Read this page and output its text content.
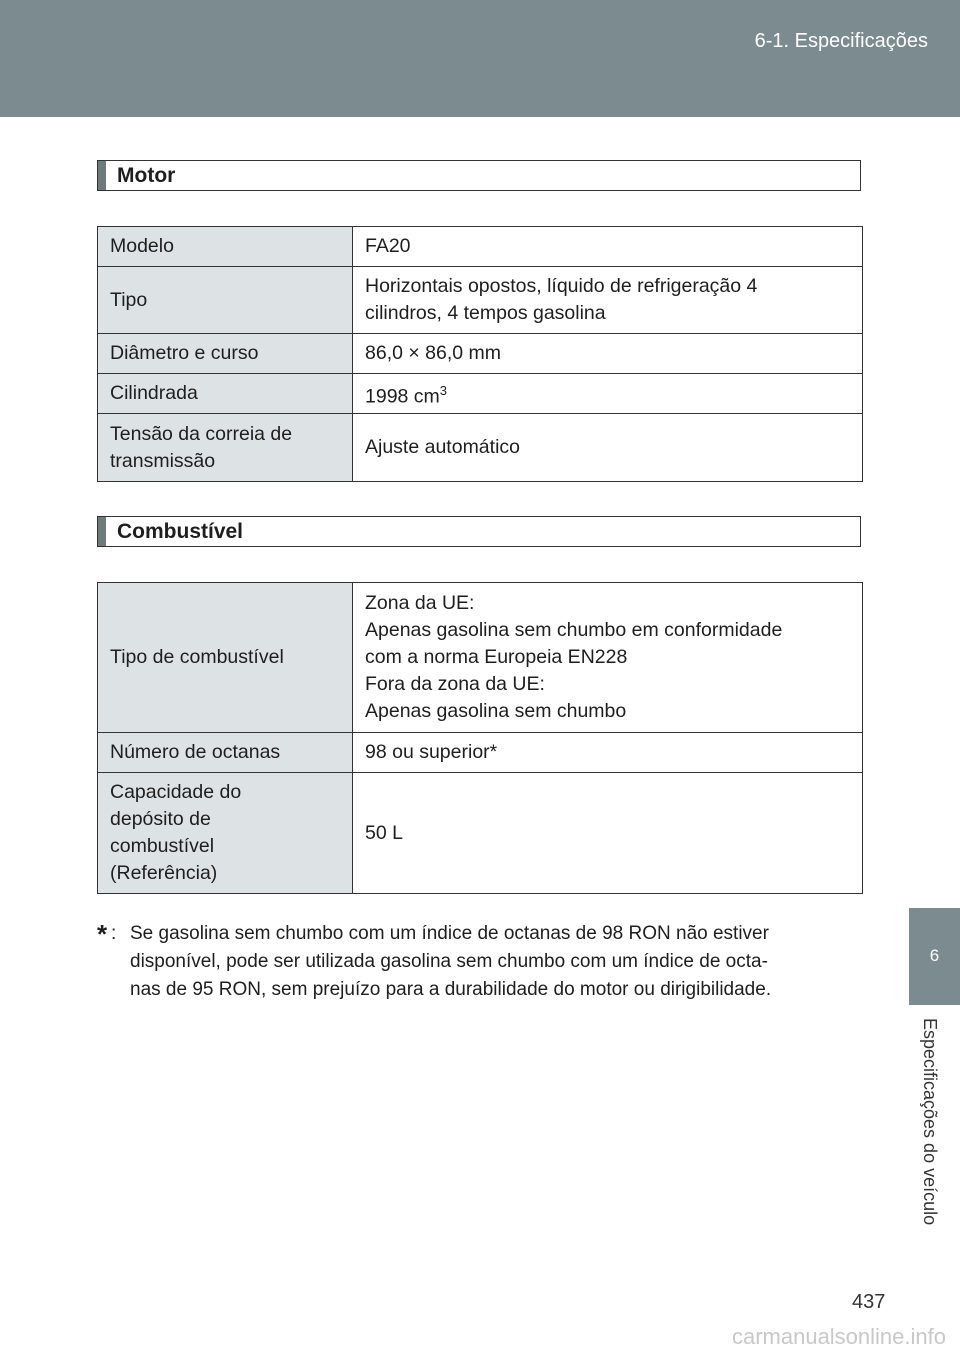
6-1. Especificações
6
Especificações do veículo
Motor
Modelo	FA20
Tipo	Horizontais opostos, líquido de refrigeração 4
cilindros, 4 tempos gasolina

Diâmetro e curso	86,0 × 86,0 mm
Cilindrada	1998 $cm^3$

Tensão da correia de
transmissão	Ajuste automático
Combustível
Tipo de combustível	Zona da UE:
Apenas gasolina sem chumbo em conformidade
com a norma Europeia EN228
Fora da zona da UE:
Apenas gasolina sem chumbo

Número de octanas	98 ou superior*

Capacidade do
depósito de
combustível
(Referência)	50 L
* : Se gasolina sem chumbo com um índice de octanas de 98 RON não estiver
disponível, pode ser utilizada gasolina sem chumbo com um índice de octa-
nas de 95 RON, sem prejuízo para a durabilidade do motor ou dirigibilidade.
437
carmanualsonline.info
